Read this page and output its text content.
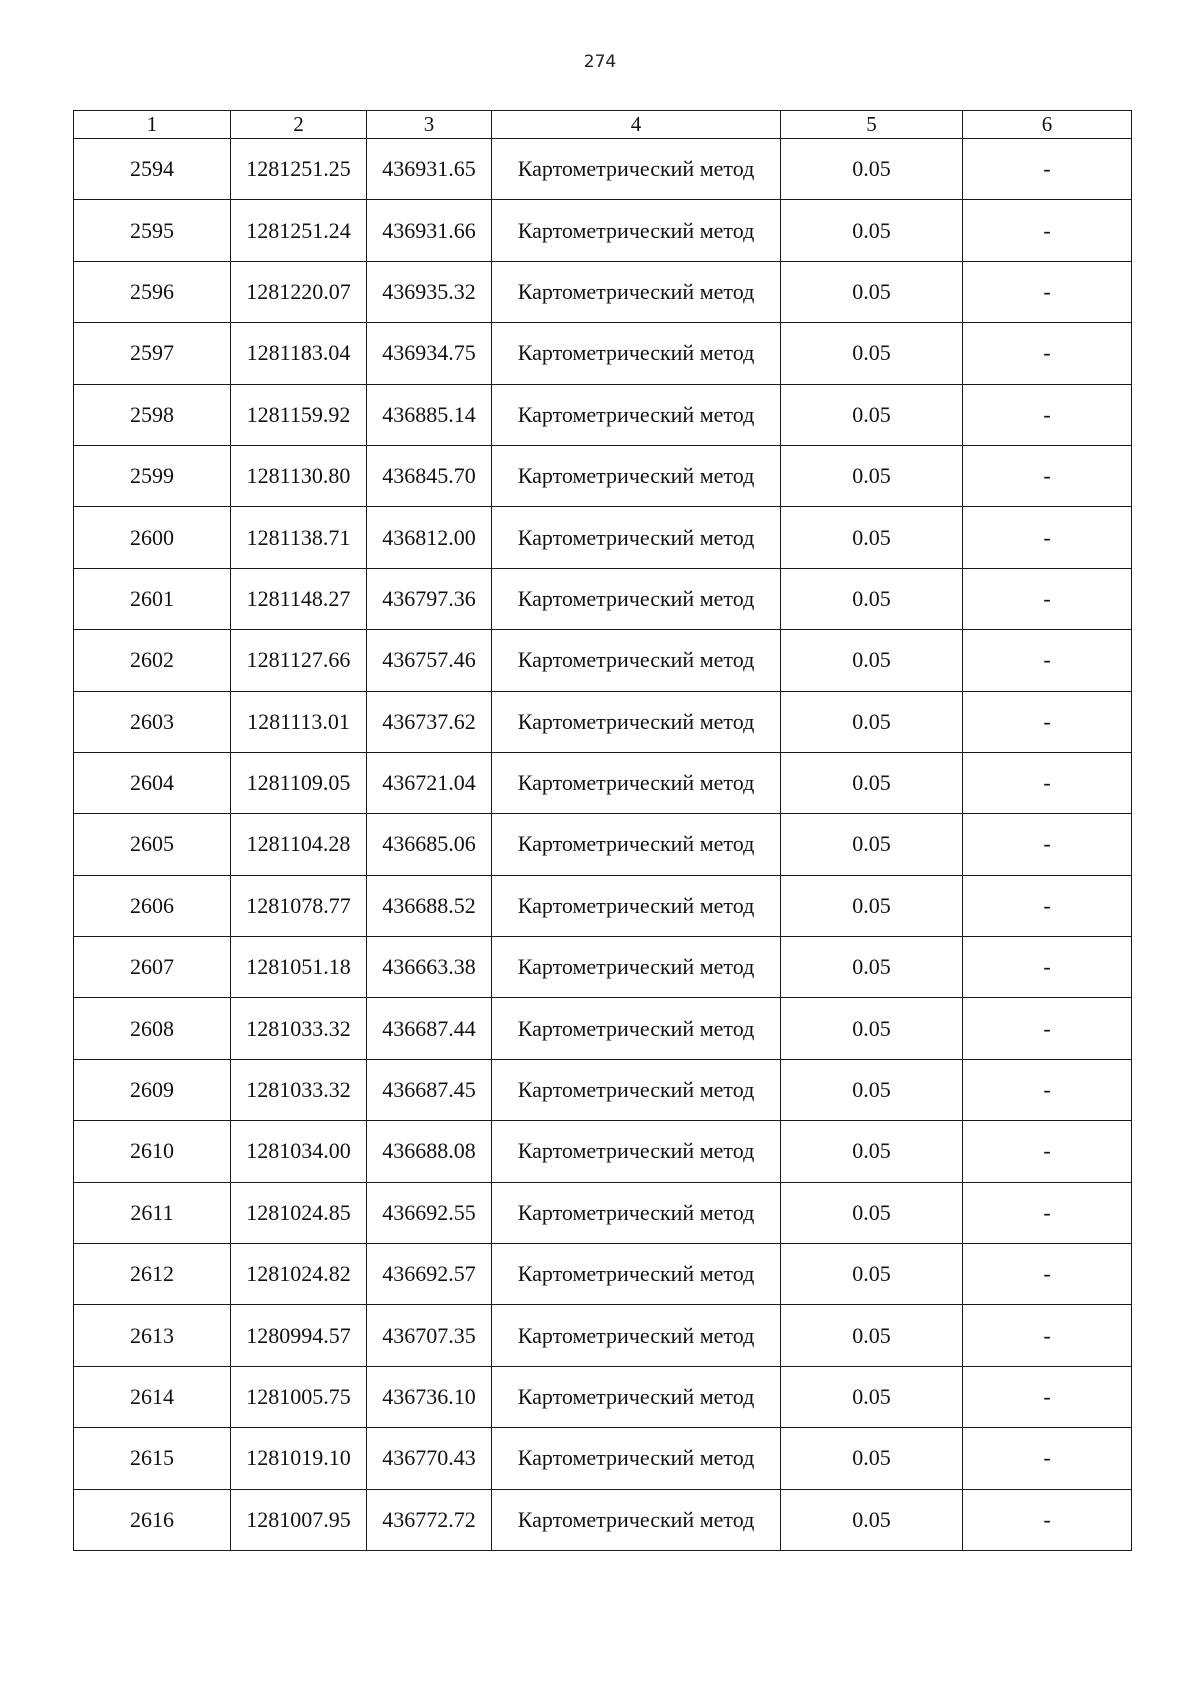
274
1	2	3	4	5	6
2594	1281251.25	436931.65	Картометрический метод	0.05	-
2595	1281251.24	436931.66	Картометрический метод	0.05	-
2596	1281220.07	436935.32	Картометрический метод	0.05	-
2597	1281183.04	436934.75	Картометрический метод	0.05	-
2598	1281159.92	436885.14	Картометрический метод	0.05	-
2599	1281130.80	436845.70	Картометрический метод	0.05	-
2600	1281138.71	436812.00	Картометрический метод	0.05	-
2601	1281148.27	436797.36	Картометрический метод	0.05	-
2602	1281127.66	436757.46	Картометрический метод	0.05	-
2603	1281113.01	436737.62	Картометрический метод	0.05	-
2604	1281109.05	436721.04	Картометрический метод	0.05	-
2605	1281104.28	436685.06	Картометрический метод	0.05	-
2606	1281078.77	436688.52	Картометрический метод	0.05	-
2607	1281051.18	436663.38	Картометрический метод	0.05	-
2608	1281033.32	436687.44	Картометрический метод	0.05	-
2609	1281033.32	436687.45	Картометрический метод	0.05	-
2610	1281034.00	436688.08	Картометрический метод	0.05	-
2611	1281024.85	436692.55	Картометрический метод	0.05	-
2612	1281024.82	436692.57	Картометрический метод	0.05	-
2613	1280994.57	436707.35	Картометрический метод	0.05	-
2614	1281005.75	436736.10	Картометрический метод	0.05	-
2615	1281019.10	436770.43	Картометрический метод	0.05	-
2616	1281007.95	436772.72	Картометрический метод	0.05	-
